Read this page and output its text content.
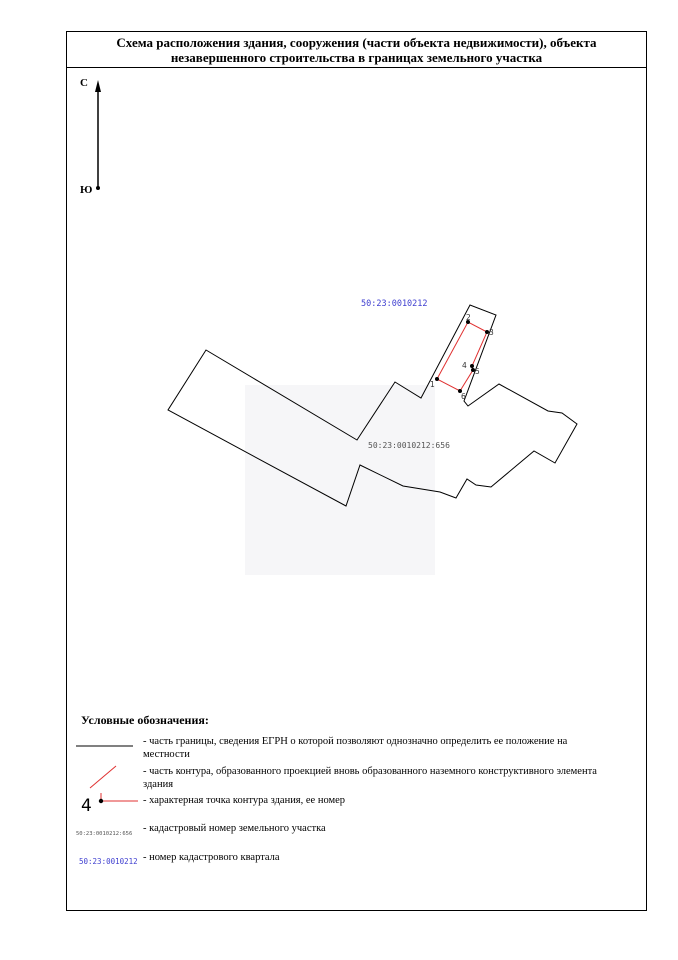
Схема расположения здания, сооружения (части объекта недвижимости), объекта
незавершенного строительства в границах земельного участка
С
Ю
1
2
3
4
5
6
50:23:0010212
50:23:0010212:656
Условные обозначения:
- часть границы, сведения ЕГРН о которой позволяют однозначно определить ее положение на местности
- часть контура, образованного проекцией вновь образованного наземного конструктивного элемента здания
4	- характерная точка контура здания, ее номер
50:23:0010212:656 - кадастровый номер земельного участка
50:23:0010212 - номер кадастрового квартала
